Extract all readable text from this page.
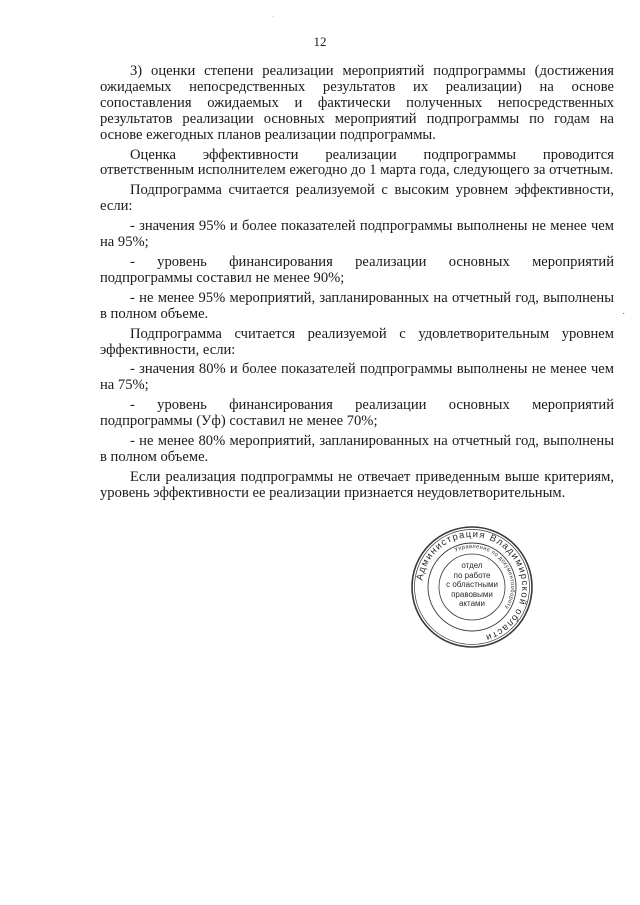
12

3) оценки степени реализации мероприятий подпрограммы (достижения ожидаемых непосредственных результатов их реализации) на основе сопоставления ожидаемых и фактически полученных непосредственных результатов реализации основных мероприятий подпрограммы по годам на основе ежегодных планов реализации подпрограммы.

Оценка эффективности реализации подпрограммы проводится ответственным исполнителем ежегодно до 1 марта года, следующего за отчетным.

Подпрограмма считается реализуемой с высоким уровнем эффективности, если:

- значения 95% и более показателей подпрограммы выполнены не менее чем на 95%;

- уровень финансирования реализации основных мероприятий подпрограммы составил не менее 90%;

- не менее 95% мероприятий, запланированных на отчетный год, выполнены в полном объеме.

Подпрограмма считается реализуемой с удовлетворительным уровнем эффективности, если:

- значения 80% и более показателей подпрограммы выполнены не менее чем на 75%;

- уровень финансирования реализации основных мероприятий подпрограммы (Уф) составил не менее 70%;

- не менее 80% мероприятий, запланированных на отчетный год, выполнены в полном объеме.

Если реализация подпрограммы не отвечает приведенным выше критериям, уровень эффективности ее реализации признается неудовлетворительным.

Администрация Владимирской области
Управление по документообороту
отдел
по работе
с областными
правовыми
актами
˙
·
